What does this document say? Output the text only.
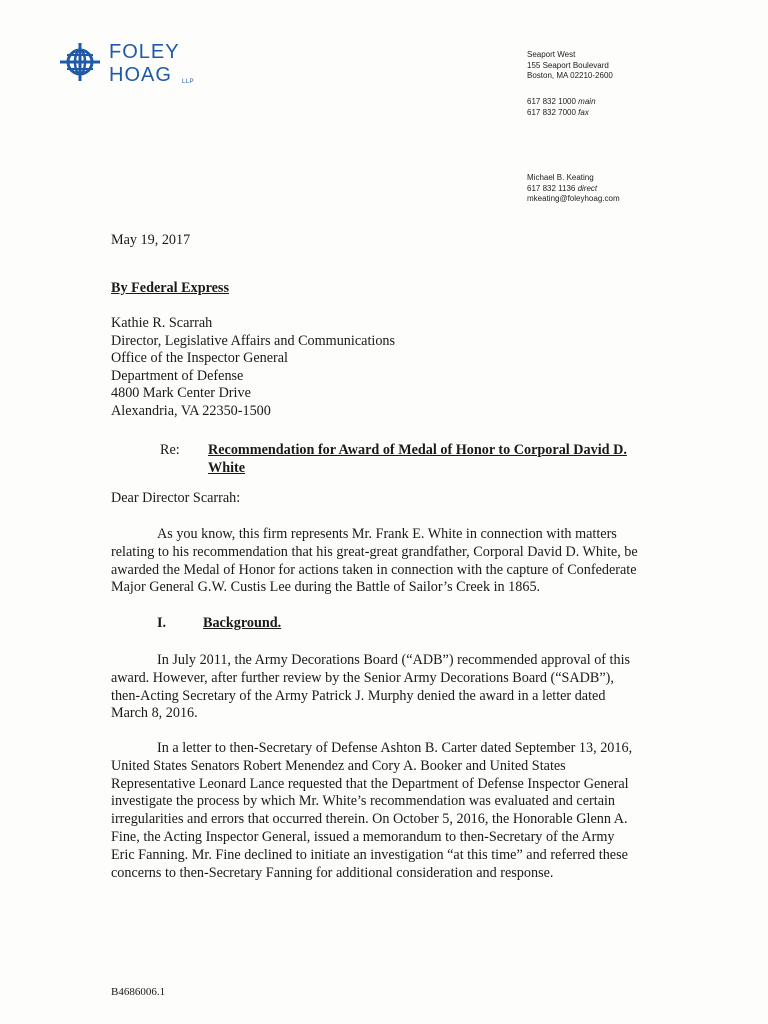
FOLEY
HOAG LLP
Seaport West
155 Seaport Boulevard
Boston, MA 02210-2600
617 832 1000 main
617 832 7000 fax
Michael B. Keating
617 832 1136 direct
mkeating@foleyhoag.com
May 19, 2017
By Federal Express
Kathie R. Scarrah
Director, Legislative Affairs and Communications
Office of the Inspector General
Department of Defense
4800 Mark Center Drive
Alexandria, VA 22350-1500
Re: Recommendation for Award of Medal of Honor to Corporal David D.
White
Dear Director Scarrah:
As you know, this firm represents Mr. Frank E. White in connection with matters
relating to his recommendation that his great-great grandfather, Corporal David D. White, be
awarded the Medal of Honor for actions taken in connection with the capture of Confederate
Major General G.W. Custis Lee during the Battle of Sailor’s Creek in 1865.
I.	Background.
In July 2011, the Army Decorations Board (“ADB”) recommended approval of this
award. However, after further review by the Senior Army Decorations Board (“SADB”),
then-Acting Secretary of the Army Patrick J. Murphy denied the award in a letter dated
March 8, 2016.
In a letter to then-Secretary of Defense Ashton B. Carter dated September 13, 2016,
United States Senators Robert Menendez and Cory A. Booker and United States
Representative Leonard Lance requested that the Department of Defense Inspector General
investigate the process by which Mr. White’s recommendation was evaluated and certain
irregularities and errors that occurred therein. On October 5, 2016, the Honorable Glenn A.
Fine, the Acting Inspector General, issued a memorandum to then-Secretary of the Army
Eric Fanning. Mr. Fine declined to initiate an investigation “at this time” and referred these
concerns to then-Secretary Fanning for additional consideration and response.
B4686006.1
